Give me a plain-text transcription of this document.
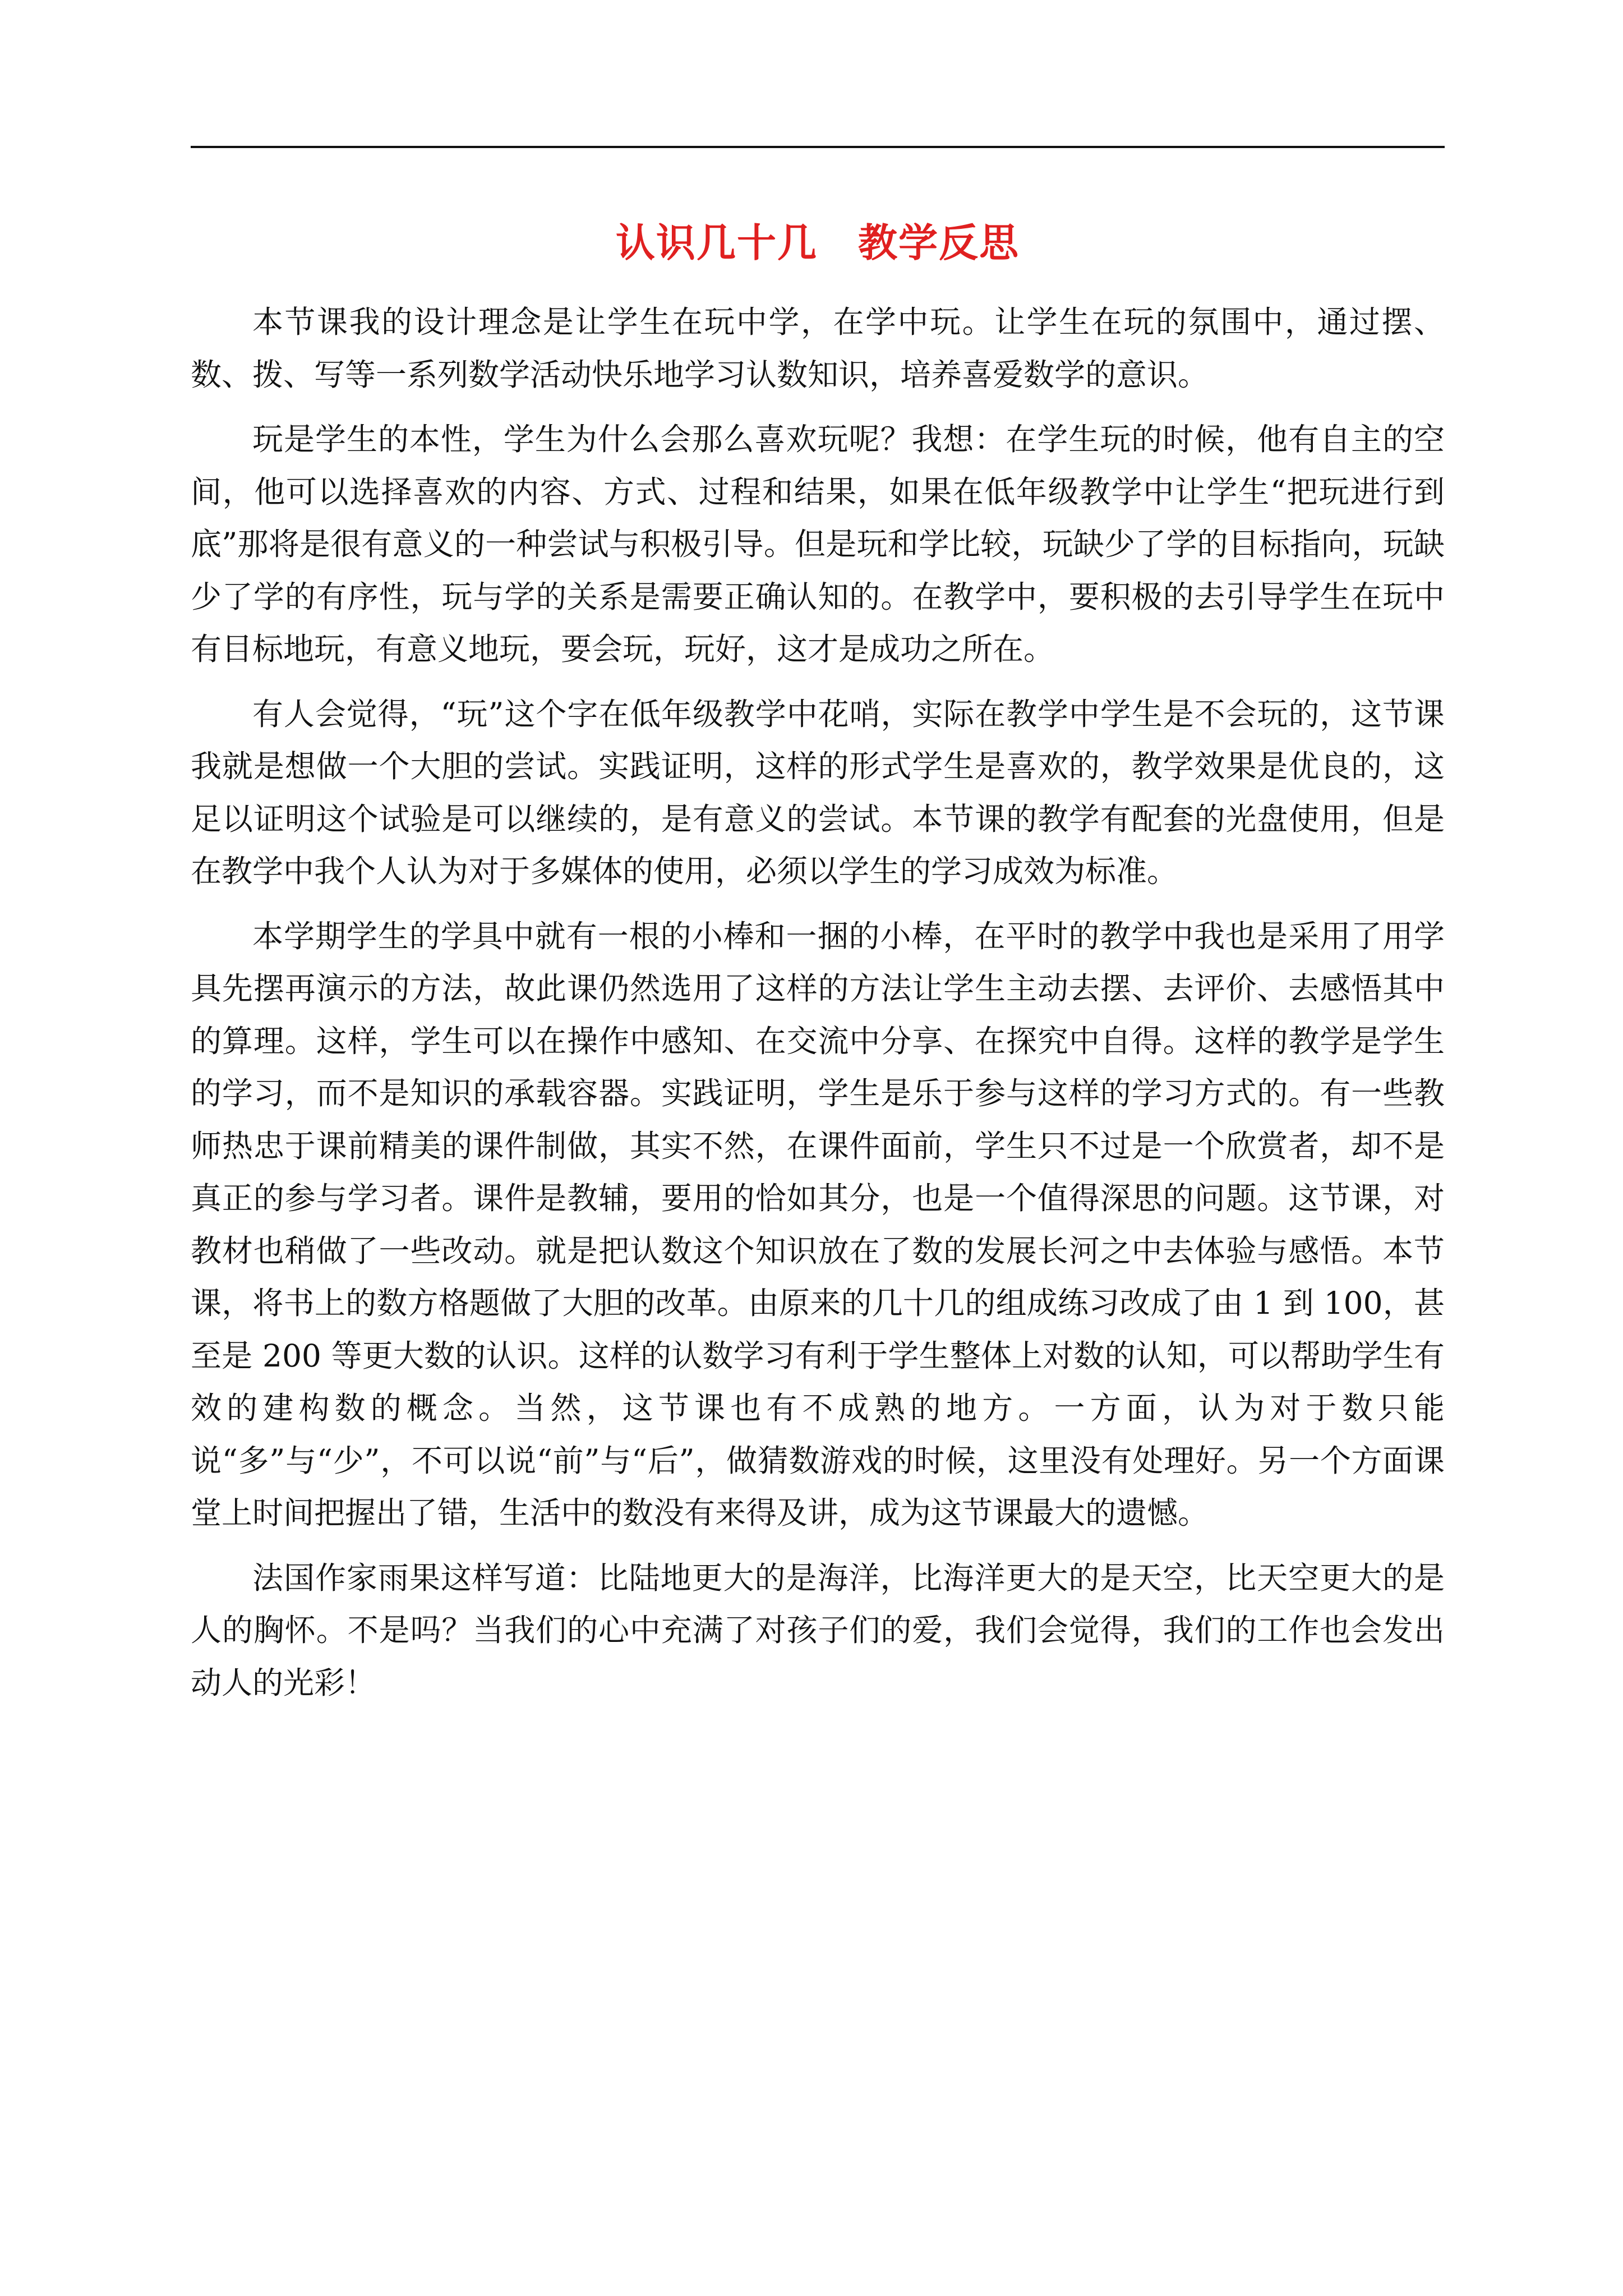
认识几十几　教学反思

本节课我的设计理念是让学生在玩中学，在学中玩。让学生在玩的氛围中，通过摆、数、拨、写等一系列数学活动快乐地学习认数知识，培养喜爱数学的意识。

玩是学生的本性，学生为什么会那么喜欢玩呢？我想：在学生玩的时候，他有自主的空间，他可以选择喜欢的内容、方式、过程和结果，如果在低年级教学中让学生“把玩进行到底”那将是很有意义的一种尝试与积极引导。但是玩和学比较，玩缺少了学的目标指向，玩缺少了学的有序性，玩与学的关系是需要正确认知的。在教学中，要积极的去引导学生在玩中有目标地玩，有意义地玩，要会玩，玩好，这才是成功之所在。

有人会觉得，“玩”这个字在低年级教学中花哨，实际在教学中学生是不会玩的，这节课我就是想做一个大胆的尝试。实践证明，这样的形式学生是喜欢的，教学效果是优良的，这足以证明这个试验是可以继续的，是有意义的尝试。本节课的教学有配套的光盘使用，但是在教学中我个人认为对于多媒体的使用，必须以学生的学习成效为标准。

本学期学生的学具中就有一根的小棒和一捆的小棒，在平时的教学中我也是采用了用学具先摆再演示的方法，故此课仍然选用了这样的方法让学生主动去摆、去评价、去感悟其中的算理。这样，学生可以在操作中感知、在交流中分享、在探究中自得。这样的教学是学生的学习，而不是知识的承载容器。实践证明，学生是乐于参与这样的学习方式的。有一些教师热忠于课前精美的课件制做，其实不然，在课件面前，学生只不过是一个欣赏者，却不是真正的参与学习者。课件是教辅，要用的恰如其分，也是一个值得深思的问题。这节课，对教材也稍做了一些改动。就是把认数这个知识放在了数的发展长河之中去体验与感悟。本节课，将书上的数方格题做了大胆的改革。由原来的几十几的组成练习改成了由 1 到 100，甚至是 200 等更大数的认识。这样的认数学习有利于学生整体上对数的认知，可以帮助学生有效的建构数的概念。当然，这节课也有不成熟的地方。一方面，认为对于数只能说“多”与“少”，不可以说“前”与“后”，做猜数游戏的时候，这里没有处理好。另一个方面课堂上时间把握出了错，生活中的数没有来得及讲，成为这节课最大的遗憾。

法国作家雨果这样写道：比陆地更大的是海洋，比海洋更大的是天空，比天空更大的是人的胸怀。不是吗？当我们的心中充满了对孩子们的爱，我们会觉得，我们的工作也会发出动人的光彩！
